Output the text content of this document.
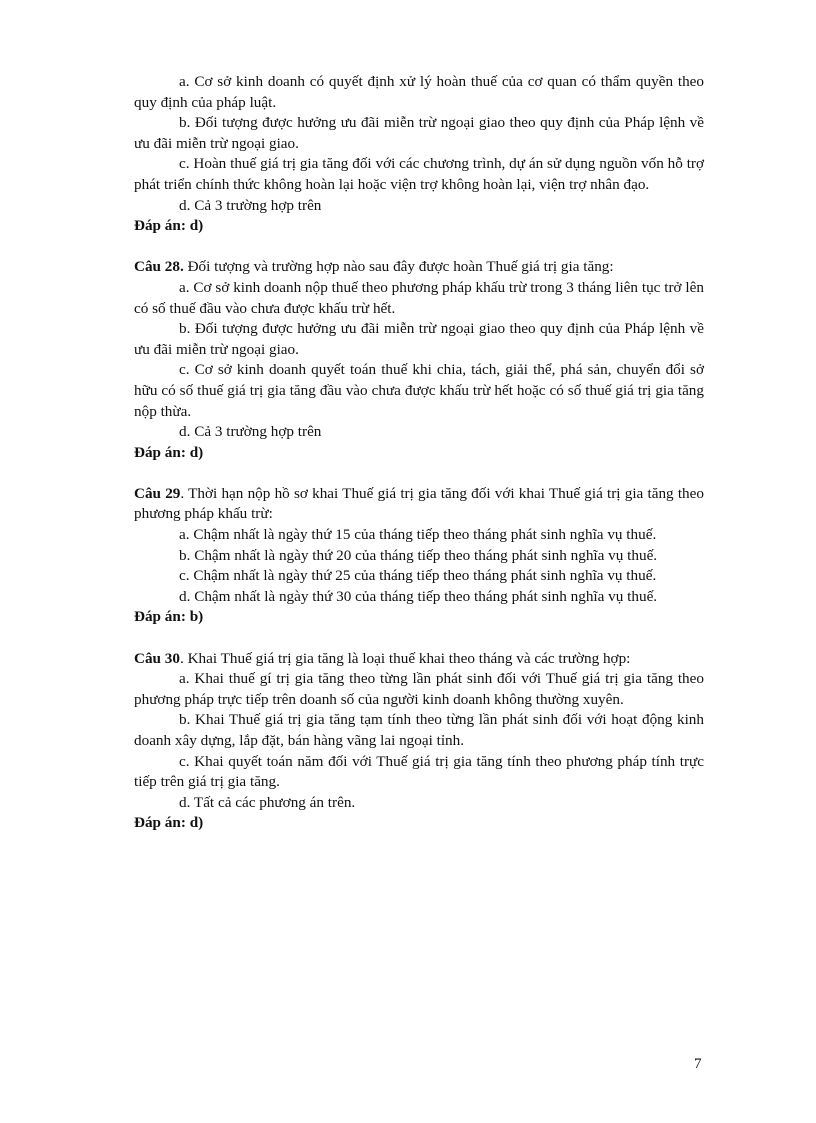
a. Cơ sở kinh doanh có quyết định xử lý hoàn thuế của cơ quan có thẩm quyền theo quy định của pháp luật.

b. Đối tượng được hưởng ưu đãi miễn trừ ngoại giao theo quy định của Pháp lệnh về ưu đãi miễn trừ ngoại giao.

c. Hoàn thuế giá trị gia tăng đối với các chương trình, dự án sử dụng nguồn vốn hỗ trợ phát triển chính thức không hoàn lại hoặc viện trợ không hoàn lại, viện trợ nhân đạo.

d. Cả 3 trường hợp trên

Đáp án: d)

Câu 28. Đối tượng và trường hợp nào sau đây được hoàn Thuế giá trị gia tăng:

a. Cơ sở kinh doanh nộp thuế theo phương pháp khấu trừ trong 3 tháng liên tục trở lên có số thuế đầu vào chưa được khấu trừ hết.

b. Đối tượng được hưởng ưu đãi miễn trừ ngoại giao theo quy định của Pháp lệnh về ưu đãi miễn trừ ngoại giao.

c. Cơ sở kinh doanh quyết toán thuế khi chia, tách, giải thể, phá sản, chuyển đổi sở hữu có số thuế giá trị gia tăng đầu vào chưa được khấu trừ hết hoặc có số thuế giá trị gia tăng nộp thừa.

d. Cả 3 trường hợp trên

Đáp án: d)

Câu 29. Thời hạn nộp hồ sơ khai Thuế giá trị gia tăng đối với khai Thuế giá trị gia tăng theo phương pháp khấu trừ:

a. Chậm nhất là ngày thứ 15 của tháng tiếp theo tháng phát sinh nghĩa vụ thuế.

b. Chậm nhất là ngày thứ 20 của tháng tiếp theo tháng phát sinh nghĩa vụ thuế.

c. Chậm nhất là ngày thứ 25 của tháng tiếp theo tháng phát sinh nghĩa vụ thuế.

d. Chậm nhất là ngày thứ 30 của tháng tiếp theo tháng phát sinh nghĩa vụ thuế.

Đáp án: b)

Câu 30. Khai Thuế giá trị gia tăng là loại thuế khai theo tháng và các trường hợp:

a. Khai thuế gí trị gia tăng theo từng lần phát sinh đối với Thuế giá trị gia tăng theo phương pháp trực tiếp trên doanh số của người kinh doanh không thường xuyên.

b. Khai Thuế giá trị gia tăng tạm tính theo từng lần phát sinh đối với hoạt động kinh doanh xây dựng, lắp đặt, bán hàng vãng lai ngoại tỉnh.

c. Khai quyết toán năm đối với Thuế giá trị gia tăng tính theo phương pháp tính trực tiếp trên giá trị gia tăng.

d. Tất cả các phương án trên.

Đáp án: d)

7
